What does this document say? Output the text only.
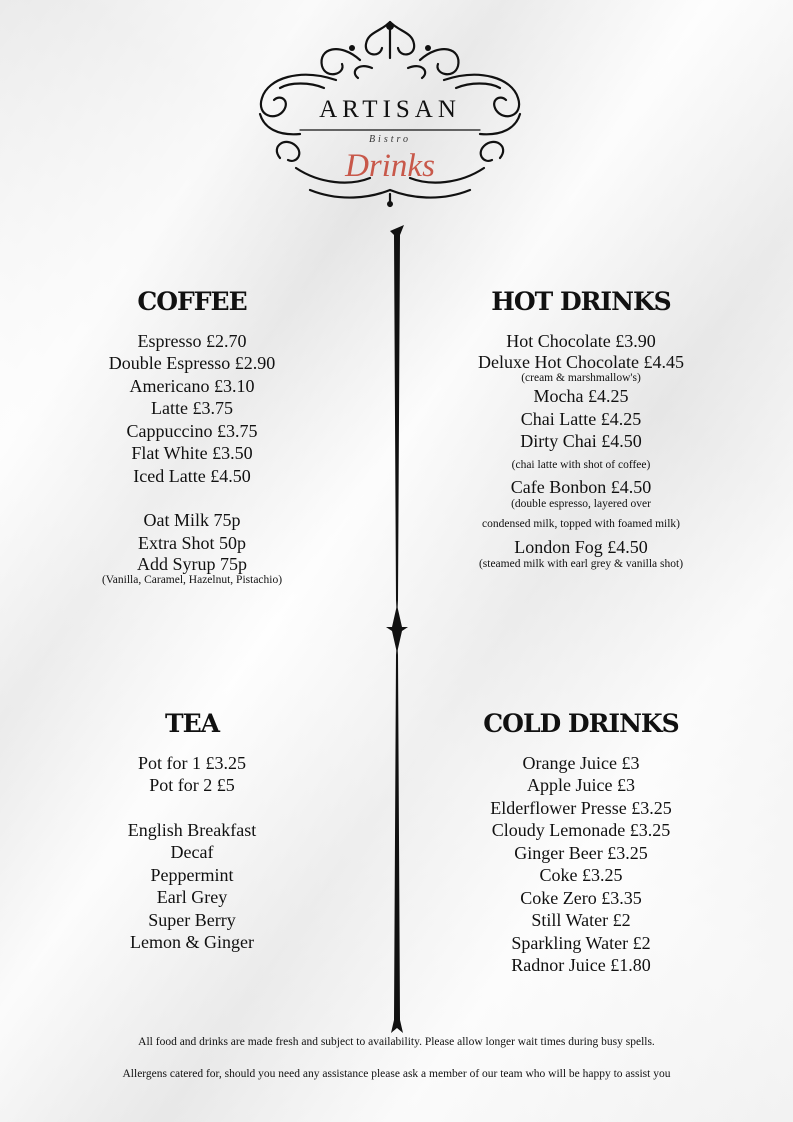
ARTISAN
Bistro
Drinks
COFFEE
Espresso £2.70
Double Espresso £2.90
Americano £3.10
Latte £3.75
Cappuccino £3.75
Flat White £3.50
Iced Latte £4.50
Oat Milk 75p
Extra Shot 50p
Add Syrup 75p
(Vanilla, Caramel, Hazelnut, Pistachio)
HOT DRINKS
Hot Chocolate £3.90
Deluxe Hot Chocolate £4.45
(cream & marshmallow's)
Mocha £4.25
Chai Latte £4.25
Dirty Chai £4.50
(chai latte with shot of coffee)
Cafe Bonbon £4.50
(double espresso, layered over
condensed milk, topped with foamed milk)
London Fog £4.50
(steamed milk with earl grey & vanilla shot)
TEA
Pot for 1 £3.25
Pot for 2 £5
English Breakfast
Decaf
Peppermint
Earl Grey
Super Berry
Lemon & Ginger
COLD DRINKS
Orange Juice £3
Apple Juice £3
Elderflower Presse £3.25
Cloudy Lemonade £3.25
Ginger Beer £3.25
Coke £3.25
Coke Zero £3.35
Still Water £2
Sparkling Water £2
Radnor Juice £1.80
All food and drinks are made fresh and subject to availability. Please allow longer wait times during busy spells.
Allergens catered for, should you need any assistance please ask a member of our team who will be happy to assist you
